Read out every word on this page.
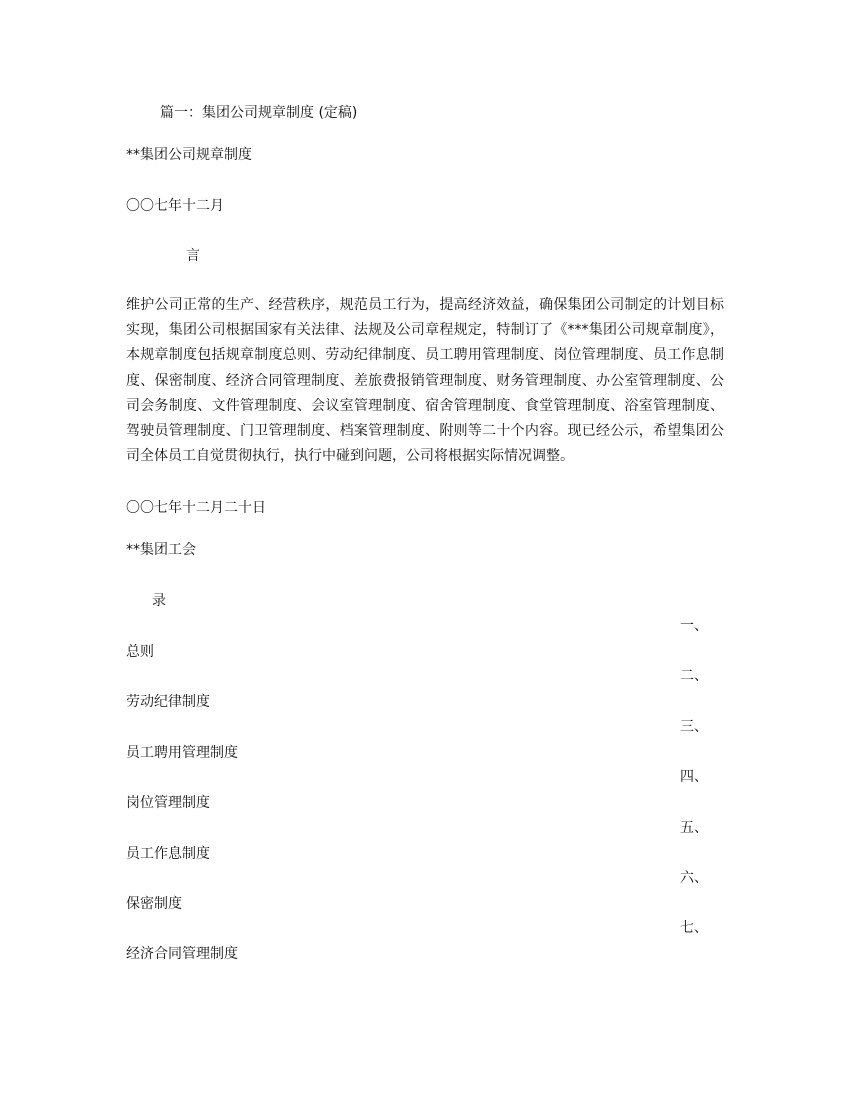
篇一：集团公司规章制度 (定稿)
**集团公司规章制度
〇〇七年十二月
言
维护公司正常的生产、经营秩序，规范员工行为，提高经济效益，确保集团公司制定的计划目标实现，集团公司根据国家有关法律、法规及公司章程规定，特制订了《***集团公司规章制度》，本规章制度包括规章制度总则、劳动纪律制度、员工聘用管理制度、岗位管理制度、员工作息制度、保密制度、经济合同管理制度、差旅费报销管理制度、财务管理制度、办公室管理制度、公司会务制度、文件管理制度、会议室管理制度、宿舍管理制度、食堂管理制度、浴室管理制度、驾驶员管理制度、门卫管理制度、档案管理制度、附则等二十个内容。现已经公示，希望集团公司全体员工自觉贯彻执行，执行中碰到问题，公司将根据实际情况调整。
〇〇七年十二月二十日
**集团工会
录
一、
总则
二、
劳动纪律制度
三、
员工聘用管理制度
四、
岗位管理制度
五、
员工作息制度
六、
保密制度
七、
经济合同管理制度
